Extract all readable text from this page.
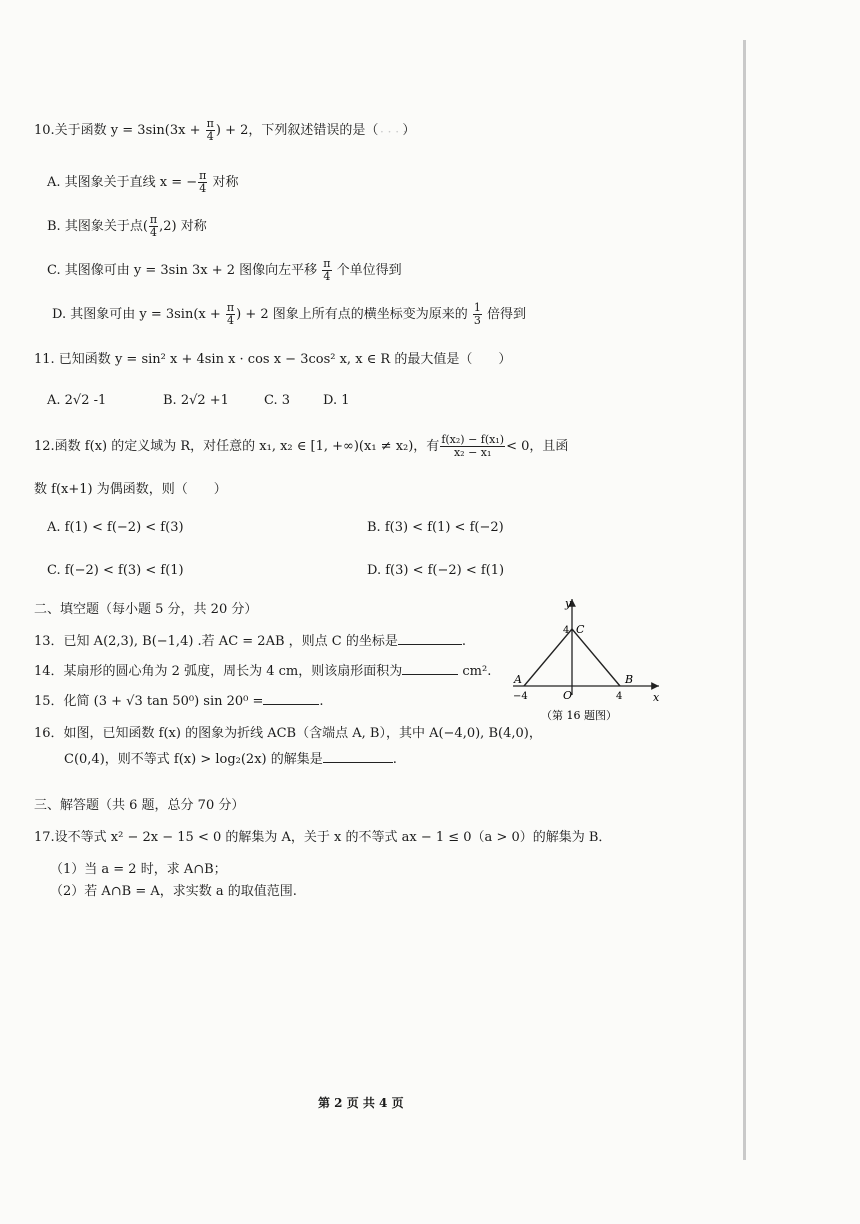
· · · ·
10.关于函数 $y = 3\sin(3x + \frac{\pi}{4}$ ) + 2，下列叙述错误的是（ ）
A. 其图象关于直线 x = − $\frac{\pi}{4}$ 对称
B. 其图象关于点( $\frac{\pi}{4} ,2$) 对称
C. 其图像可由 y = 3sin 3x + 2 图像向左平移 $\frac{\pi}{4}$ 个单位得到
D. 其图象可由 $y = 3\sin(x + \frac{\pi}{4}$ ) + 2 图象上所有点的横坐标变为原来的 $\frac{1}{3}$ 倍得到
11. 已知函数 y = sin² x + 4sin x · cos x − 3cos² x, x ∈ R 的最大值是（　　）
A. 2√2 -1	B. 2√2 +1	C. 3	D. 1
12.函数 f(x) 的定义域为 R，对任意的 x₁, x₂ ∈ [1, +∞)(x₁ ≠ x₂)，有 $\frac{\text{f(x₂) − f(x₁)}}{\text{x₂ − x₁}} < 0$，且函
数 f(x+1) 为偶函数，则（　　）
A. f(1) < f(−2) < f(3)	B. f(3) < f(1) < f(−2)
C. f(−2) < f(3) < f(1)	D. f(3) < f(−2) < f(1)
二、填空题（每小题 5 分，共 20 分）
13．已知 A(2,3), B(−1,4) .若 AC = 2AB ，则点 C 的坐标是	.
14．某扇形的圆心角为 2 弧度，周长为 4 cm，则该扇形面积为	cm².
15．化简 (3 + √3 tan 50⁰) sin 20⁰ =	.
16．如图，已知函数 f(x) 的图象为折线 ACB（含端点 A, B），其中 A(−4,0), B(4,0)，
C(0,4)，则不等式 f(x) > log₂(2x) 的解集是	.
y
x
C
4
A	B
−4	O	4
（第 16 题图）
三、解答题（共 6 题，总分 70 分）
17.设不等式 x² − 2x − 15 < 0 的解集为 A，关于 x 的不等式 ax − 1 ≤ 0（a > 0）的解集为 B．
（1）当 a = 2 时，求 A∩B；
（2）若 A∩B = A，求实数 a 的取值范围.
第 2 页 共 4 页
